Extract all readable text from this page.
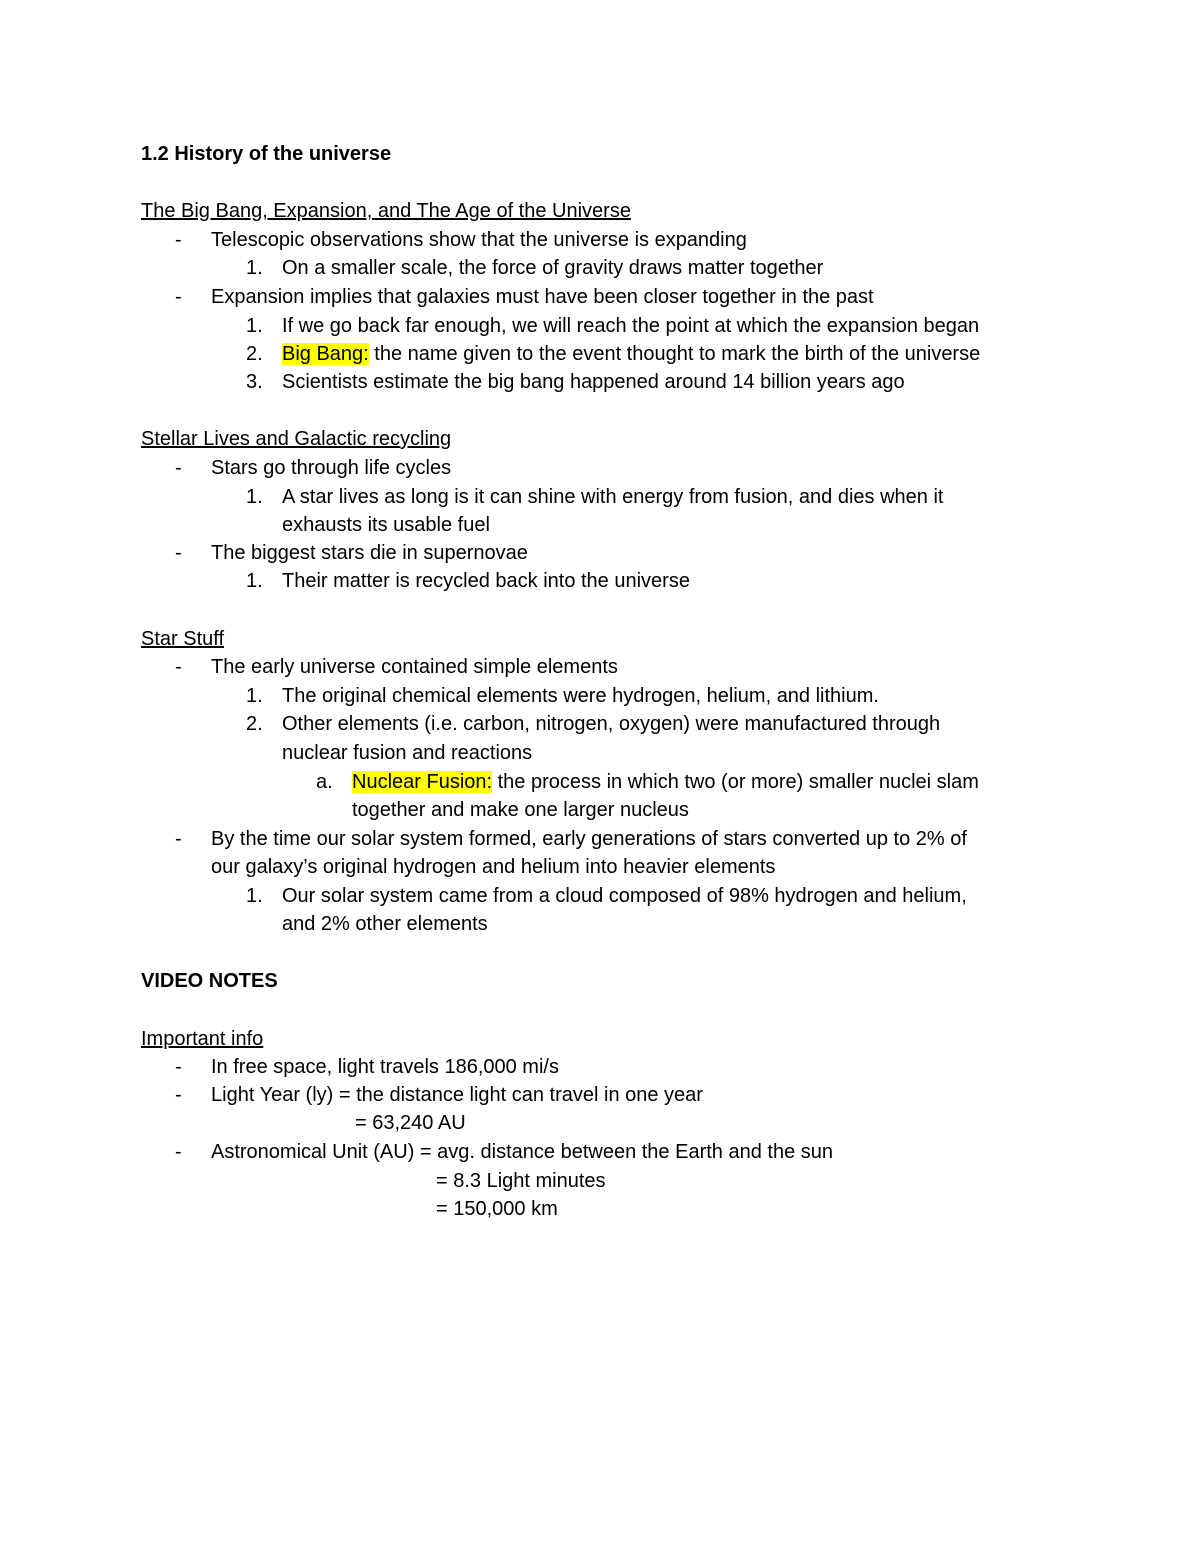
1.2 History of the universe
The Big Bang, Expansion, and The Age of the Universe
- Telescopic observations show that the universe is expanding
1. On a smaller scale, the force of gravity draws matter together
- Expansion implies that galaxies must have been closer together in the past
1. If we go back far enough, we will reach the point at which the expansion began
2. Big Bang: the name given to the event thought to mark the birth of the universe
3. Scientists estimate the big bang happened around 14 billion years ago
Stellar Lives and Galactic recycling
- Stars go through life cycles
1. A star lives as long is it can shine with energy from fusion, and dies when it
exhausts its usable fuel
- The biggest stars die in supernovae
1. Their matter is recycled back into the universe
Star Stuff
- The early universe contained simple elements
1. The original chemical elements were hydrogen, helium, and lithium.
2. Other elements (i.e. carbon, nitrogen, oxygen) were manufactured through
nuclear fusion and reactions
a. Nuclear Fusion: the process in which two (or more) smaller nuclei slam
together and make one larger nucleus
- By the time our solar system formed, early generations of stars converted up to 2% of
our galaxy’s original hydrogen and helium into heavier elements
1. Our solar system came from a cloud composed of 98% hydrogen and helium,
and 2% other elements
VIDEO NOTES
Important info
- In free space, light travels 186,000 mi/s
- Light Year (ly) = the distance light can travel in one year
= 63,240 AU
- Astronomical Unit (AU) = avg. distance between the Earth and the sun
= 8.3 Light minutes
= 150,000 km
